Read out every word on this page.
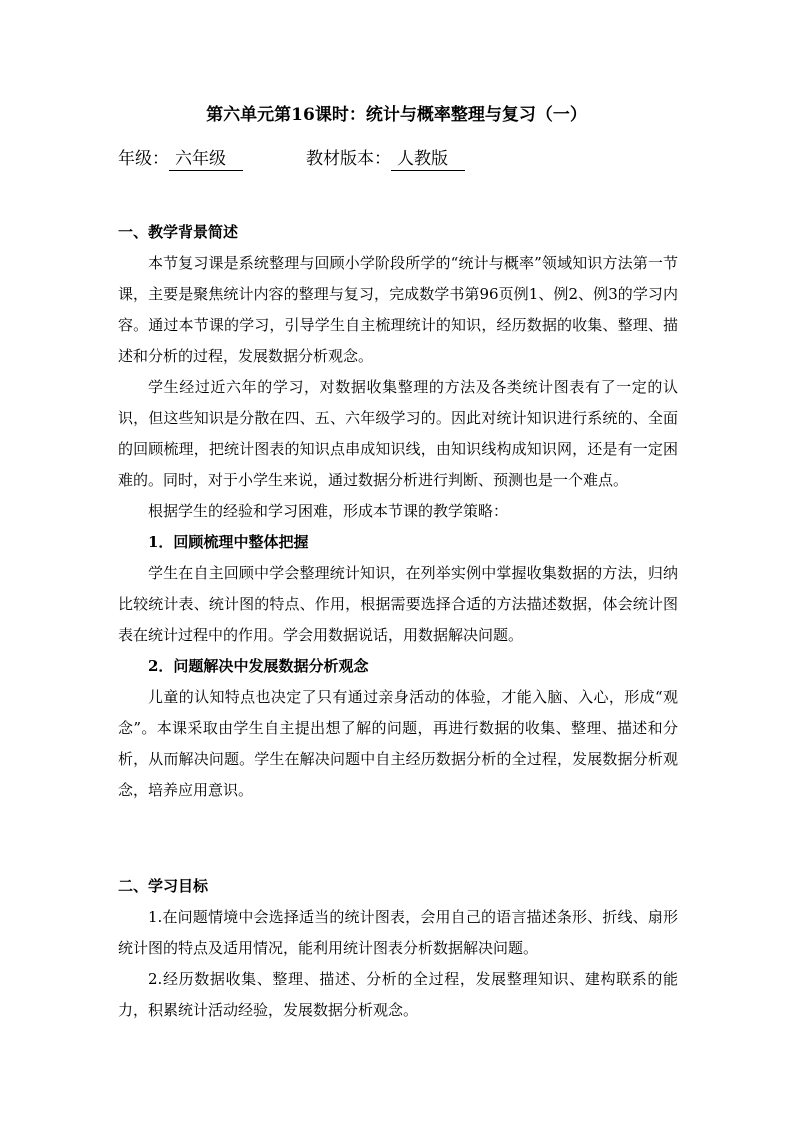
第六单元第16课时：统计与概率整理与复习（一）
年级： 六年级	教材版本： 人教版
一、教学背景简述

本节复习课是系统整理与回顾小学阶段所学的“统计与概率”领域知识方法第一节课，主要是聚焦统计内容的整理与复习，完成数学书第96页例1、例2、例3的学习内容。通过本节课的学习，引导学生自主梳理统计的知识，经历数据的收集、整理、描述和分析的过程，发展数据分析观念。

学生经过近六年的学习，对数据收集整理的方法及各类统计图表有了一定的认识，但这些知识是分散在四、五、六年级学习的。因此对统计知识进行系统的、全面的回顾梳理，把统计图表的知识点串成知识线，由知识线构成知识网，还是有一定困难的。同时，对于小学生来说，通过数据分析进行判断、预测也是一个难点。

根据学生的经验和学习困难，形成本节课的教学策略：

1．回顾梳理中整体把握

学生在自主回顾中学会整理统计知识，在列举实例中掌握收集数据的方法，归纳比较统计表、统计图的特点、作用，根据需要选择合适的方法描述数据，体会统计图表在统计过程中的作用。学会用数据说话，用数据解决问题。

2．问题解决中发展数据分析观念

儿童的认知特点也决定了只有通过亲身活动的体验，才能入脑、入心，形成“观念”。本课采取由学生自主提出想了解的问题，再进行数据的收集、整理、描述和分析，从而解决问题。学生在解决问题中自主经历数据分析的全过程，发展数据分析观念，培养应用意识。

二、学习目标

1.在问题情境中会选择适当的统计图表，会用自己的语言描述条形、折线、扇形统计图的特点及适用情况，能利用统计图表分析数据解决问题。

2.经历数据收集、整理、描述、分析的全过程，发展整理知识、建构联系的能力，积累统计活动经验，发展数据分析观念。
